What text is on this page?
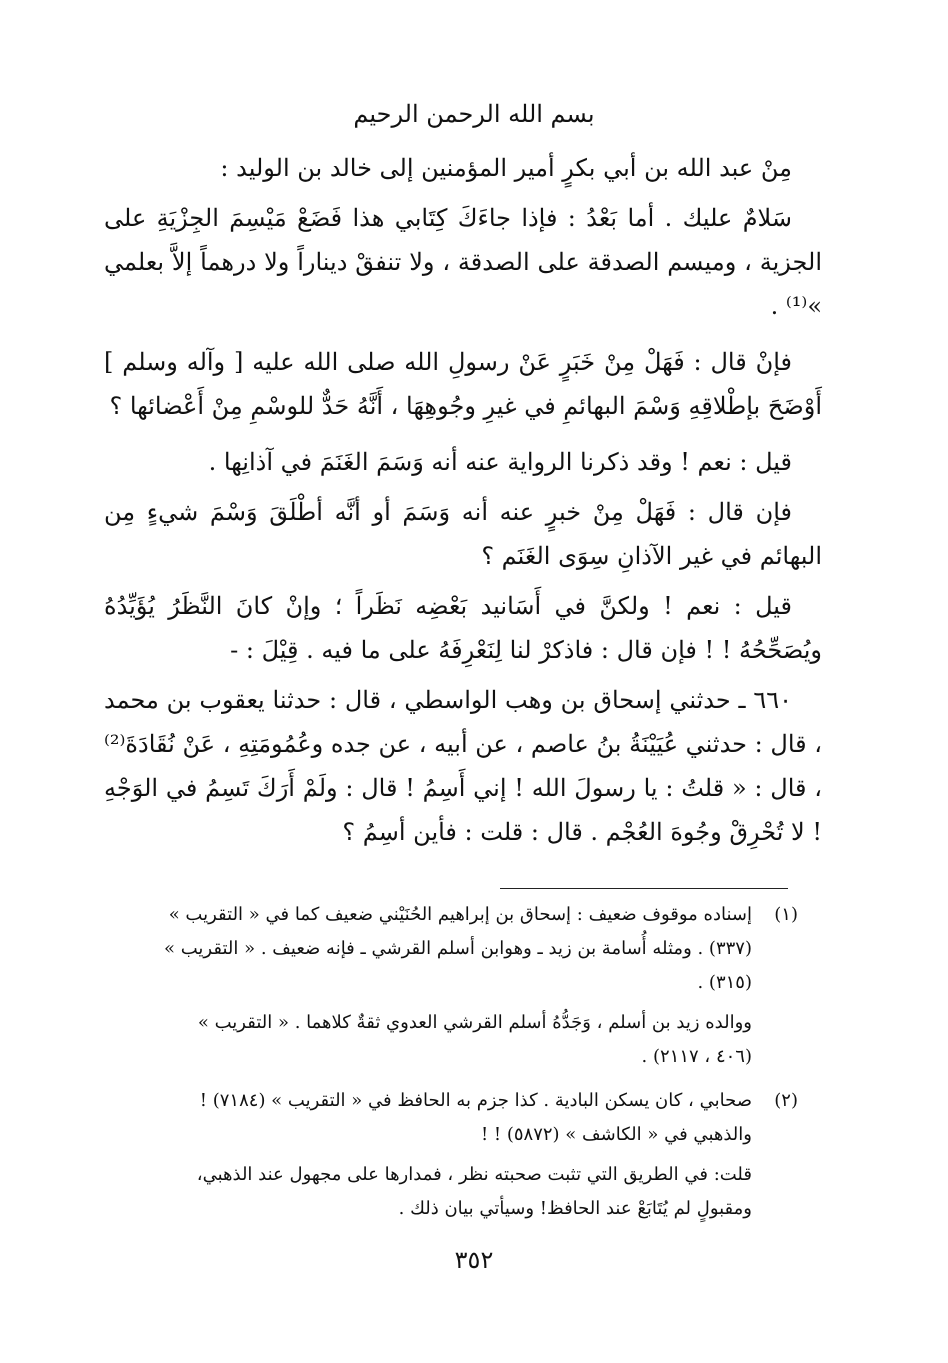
بسم الله الرحمن الرحيم

مِنْ عبد الله بن أبي بكرٍ أمير المؤمنين إلى خالد بن الوليد :

سَلامٌ عليك . أما بَعْدُ : فإذا جاءَكَ كِتَابي هذا فَضَعْ مَيْسِمَ الجِزْيَةِ على الجزية ، وميسم الصدقة على الصدقة ، ولا تنفقْ ديناراً ولا درهماً إلاَّ بعلمي »⁽¹⁾ .

فإنْ قال : فَهَلْ مِنْ خَبَرٍ عَنْ رسولِ الله صلى الله عليه [ وآله وسلم ] أَوْضَحَ بإطْلاقِهِ وَسْمَ البهائمِ في غيرِ وجُوهِهَا ، أَنَّهُ حَدٌّ للوسْمِ مِنْ أَعْضائها ؟

قيل : نعم ! وقد ذكرنا الرواية عنه أنه وَسَمَ الغَنَمَ في آذانِها .

فإن قال : فَهَلْ مِنْ خبرٍ عنه أنه وَسَمَ أو أنَّه أطْلَقَ وَسْمَ شيءٍ مِن البهائم في غير الآذانِ سِوَى الغَنَم ؟

قيل : نعم ! ولكنَّ في أَسَانيد بَعْضِه نَظَراً ؛ وإنْ كانَ النَّظَرُ يُؤَيِّدُهُ ويُصَحِّحُهُ ! ! فإن قال : فاذكرْ لنا لِنَعْرِفَهُ على ما فيه . قِيْلَ : -

٦٦٠ ـ حدثني إسحاق بن وهب الواسطي ، قال : حدثنا يعقوب بن محمد ، قال : حدثني عُيَيْنَةُ بنُ عاصم ، عن أبيه ، عن جده وعُمُومَتِهِ ، عَنْ نُقَادَةَ⁽²⁾ ، قال : « قلتُ : يا رسولَ الله ! إني أَسِمُ ! قال : ولَمْ أَرَكَ تَسِمُ في الوَجْهِ ! لا تُحْرِقْ وجُوهَ العُجْم . قال : قلت : فأين أسِمُ ؟

(١)
إسناده موقوف ضعيف : إسحاق بن إبراهيم الحُنَيْني ضعيف كما في « التقريب »
(٣٣٧) . ومثله أُسامة بن زيد ـ وهوابن أسلم القرشي ـ فإنه ضعيف . « التقريب »
(٣١٥) .
ووالده زيد بن أسلم ، وَجَدُّهُ أسلم القرشي العدوي ثقةٌ كلاهما . « التقريب »
(٤٠٦ ، ٢١١٧) .
(٢)
صحابي ، كان يسكن البادية . كذا جزم به الحافظ في « التقريب » (٧١٨٤) !
والذهبي في « الكاشف » (٥٨٧٢) ! !
قلت: في الطريق التي تثبت صحبته نظر ، فمدارها على مجهول عند الذهبي،
ومقبولٍ لم يُتَابَعْ عند الحافظ! وسيأتي بيان ذلك .
٣٥٢
